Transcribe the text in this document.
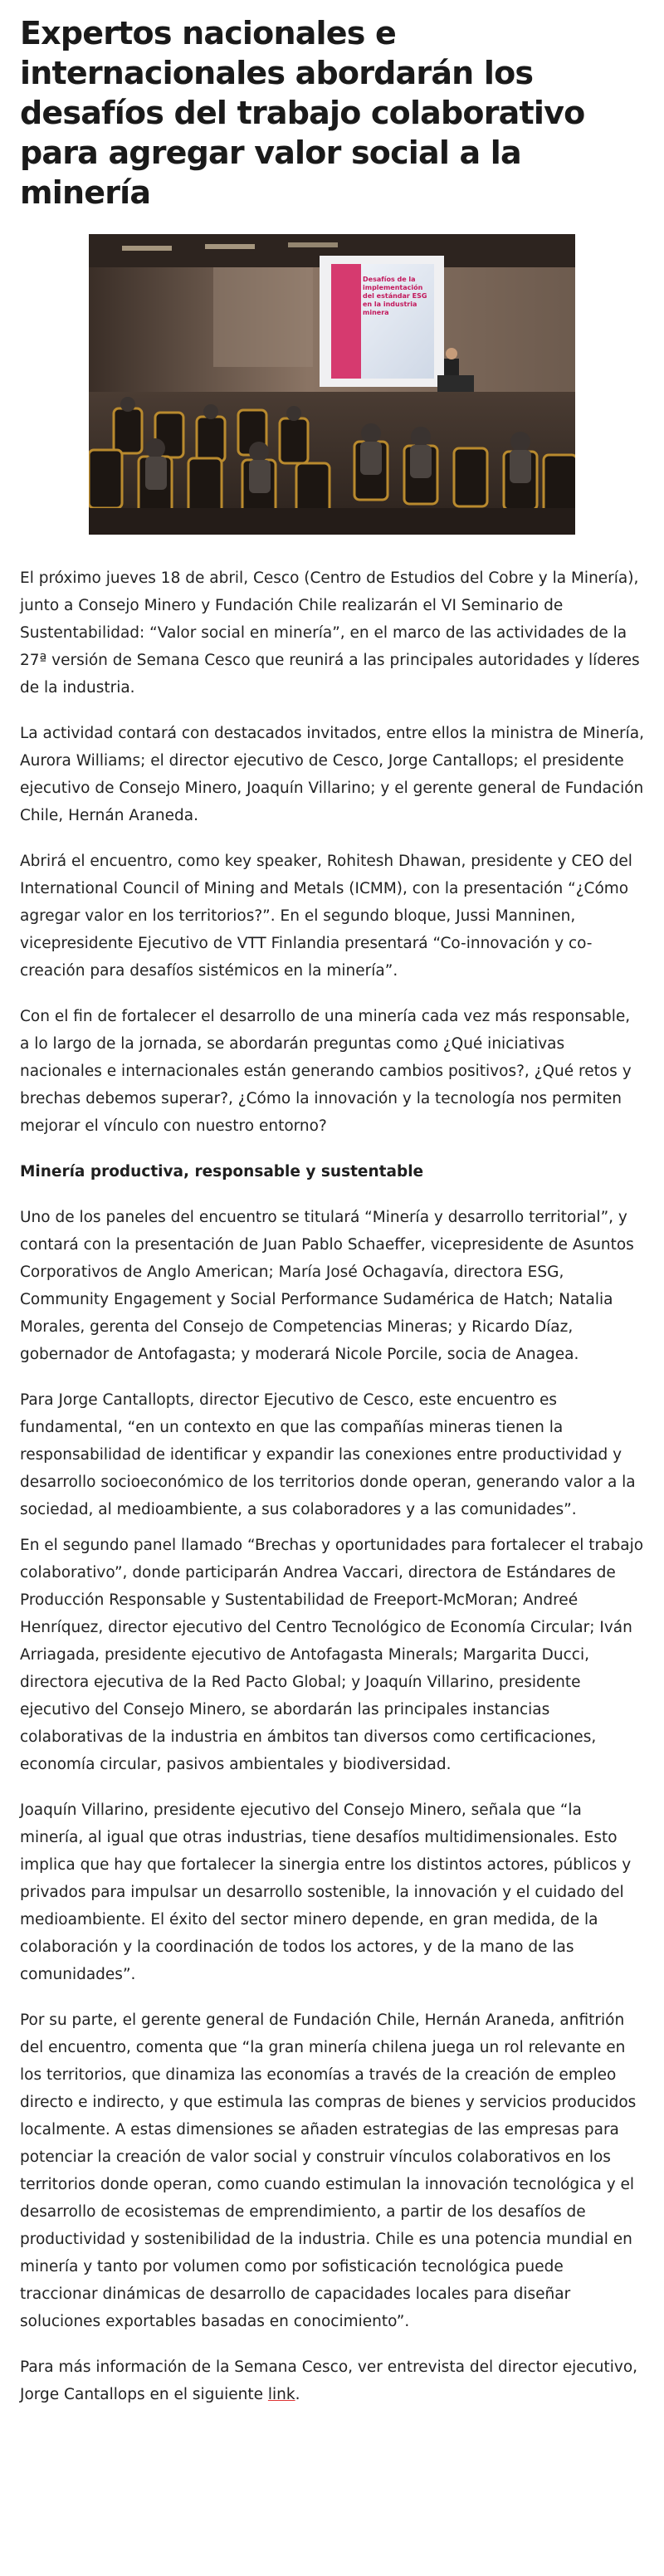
Expertos nacionales e internacionales abordarán los desafíos del trabajo colaborativo para agregar valor social a la minería
Desafíos de la implementación del estándar ESG en la industria minera

El próximo jueves 18 de abril, Cesco (Centro de Estudios del Cobre y la Minería), junto a Consejo Minero y Fundación Chile realizarán el VI Seminario de Sustentabilidad: “Valor social en minería”, en el marco de las actividades de la 27ª versión de Semana Cesco que reunirá a las principales autoridades y líderes de la industria.

La actividad contará con destacados invitados, entre ellos la ministra de Minería, Aurora Williams; el director ejecutivo de Cesco, Jorge Cantallops; el presidente ejecutivo de Consejo Minero, Joaquín Villarino; y el gerente general de Fundación Chile, Hernán Araneda.

Abrirá el encuentro, como key speaker, Rohitesh Dhawan, presidente y CEO del International Council of Mining and Metals (ICMM), con la presentación “¿Cómo agregar valor en los territorios?”. En el segundo bloque, Jussi Manninen, vicepresidente Ejecutivo de VTT Finlandia presentará “Co-innovación y co-creación para desafíos sistémicos en la minería”.

Con el fin de fortalecer el desarrollo de una minería cada vez más responsable, a lo largo de la jornada, se abordarán preguntas como ¿Qué iniciativas nacionales e internacionales están generando cambios positivos?, ¿Qué retos y brechas debemos superar?, ¿Cómo la innovación y la tecnología nos permiten mejorar el vínculo con nuestro entorno?

Minería productiva, responsable y sustentable

Uno de los paneles del encuentro se titulará “Minería y desarrollo territorial”, y contará con la presentación de Juan Pablo Schaeffer, vicepresidente de Asuntos Corporativos de Anglo American; María José Ochagavía, directora ESG, Community Engagement y Social Performance Sudamérica de Hatch; Natalia Morales, gerenta del Consejo de Competencias Mineras; y Ricardo Díaz, gobernador de Antofagasta; y moderará Nicole Porcile, socia de Anagea.

Para Jorge Cantallopts, director Ejecutivo de Cesco, este encuentro es fundamental, “en un contexto en que las compañías mineras tienen la responsabilidad de identificar y expandir las conexiones entre productividad y desarrollo socioeconómico de los territorios donde operan, generando valor a la sociedad, al medioambiente, a sus colaboradores y a las comunidades”.

En el segundo panel llamado “Brechas y oportunidades para fortalecer el trabajo colaborativo”, donde participarán Andrea Vaccari, directora de Estándares de Producción Responsable y Sustentabilidad de Freeport-McMoran; Andreé Henríquez, director ejecutivo del Centro Tecnológico de Economía Circular; Iván Arriagada, presidente ejecutivo de Antofagasta Minerals; Margarita Ducci, directora ejecutiva de la Red Pacto Global; y Joaquín Villarino, presidente ejecutivo del Consejo Minero, se abordarán las principales instancias colaborativas de la industria en ámbitos tan diversos como certificaciones, economía circular, pasivos ambientales y biodiversidad.

Joaquín Villarino, presidente ejecutivo del Consejo Minero, señala que “la minería, al igual que otras industrias, tiene desafíos multidimensionales. Esto implica que hay que fortalecer la sinergia entre los distintos actores, públicos y privados para impulsar un desarrollo sostenible, la innovación y el cuidado del medioambiente. El éxito del sector minero depende, en gran medida, de la colaboración y la coordinación de todos los actores, y de la mano de las comunidades”.

Por su parte, el gerente general de Fundación Chile, Hernán Araneda, anfitrión del encuentro, comenta que “la gran minería chilena juega un rol relevante en los territorios, que dinamiza las economías a través de la creación de empleo directo e indirecto, y que estimula las compras de bienes y servicios producidos localmente. A estas dimensiones se añaden estrategias de las empresas para potenciar la creación de valor social y construir vínculos colaborativos en los territorios donde operan, como cuando estimulan la innovación tecnológica y el desarrollo de ecosistemas de emprendimiento, a partir de los desafíos de productividad y sostenibilidad de la industria. Chile es una potencia mundial en minería y tanto por volumen como por sofisticación tecnológica puede traccionar dinámicas de desarrollo de capacidades locales para diseñar soluciones exportables basadas en conocimiento”.

Para más información de la Semana Cesco, ver entrevista del director ejecutivo, Jorge Cantallops en el siguiente link.
